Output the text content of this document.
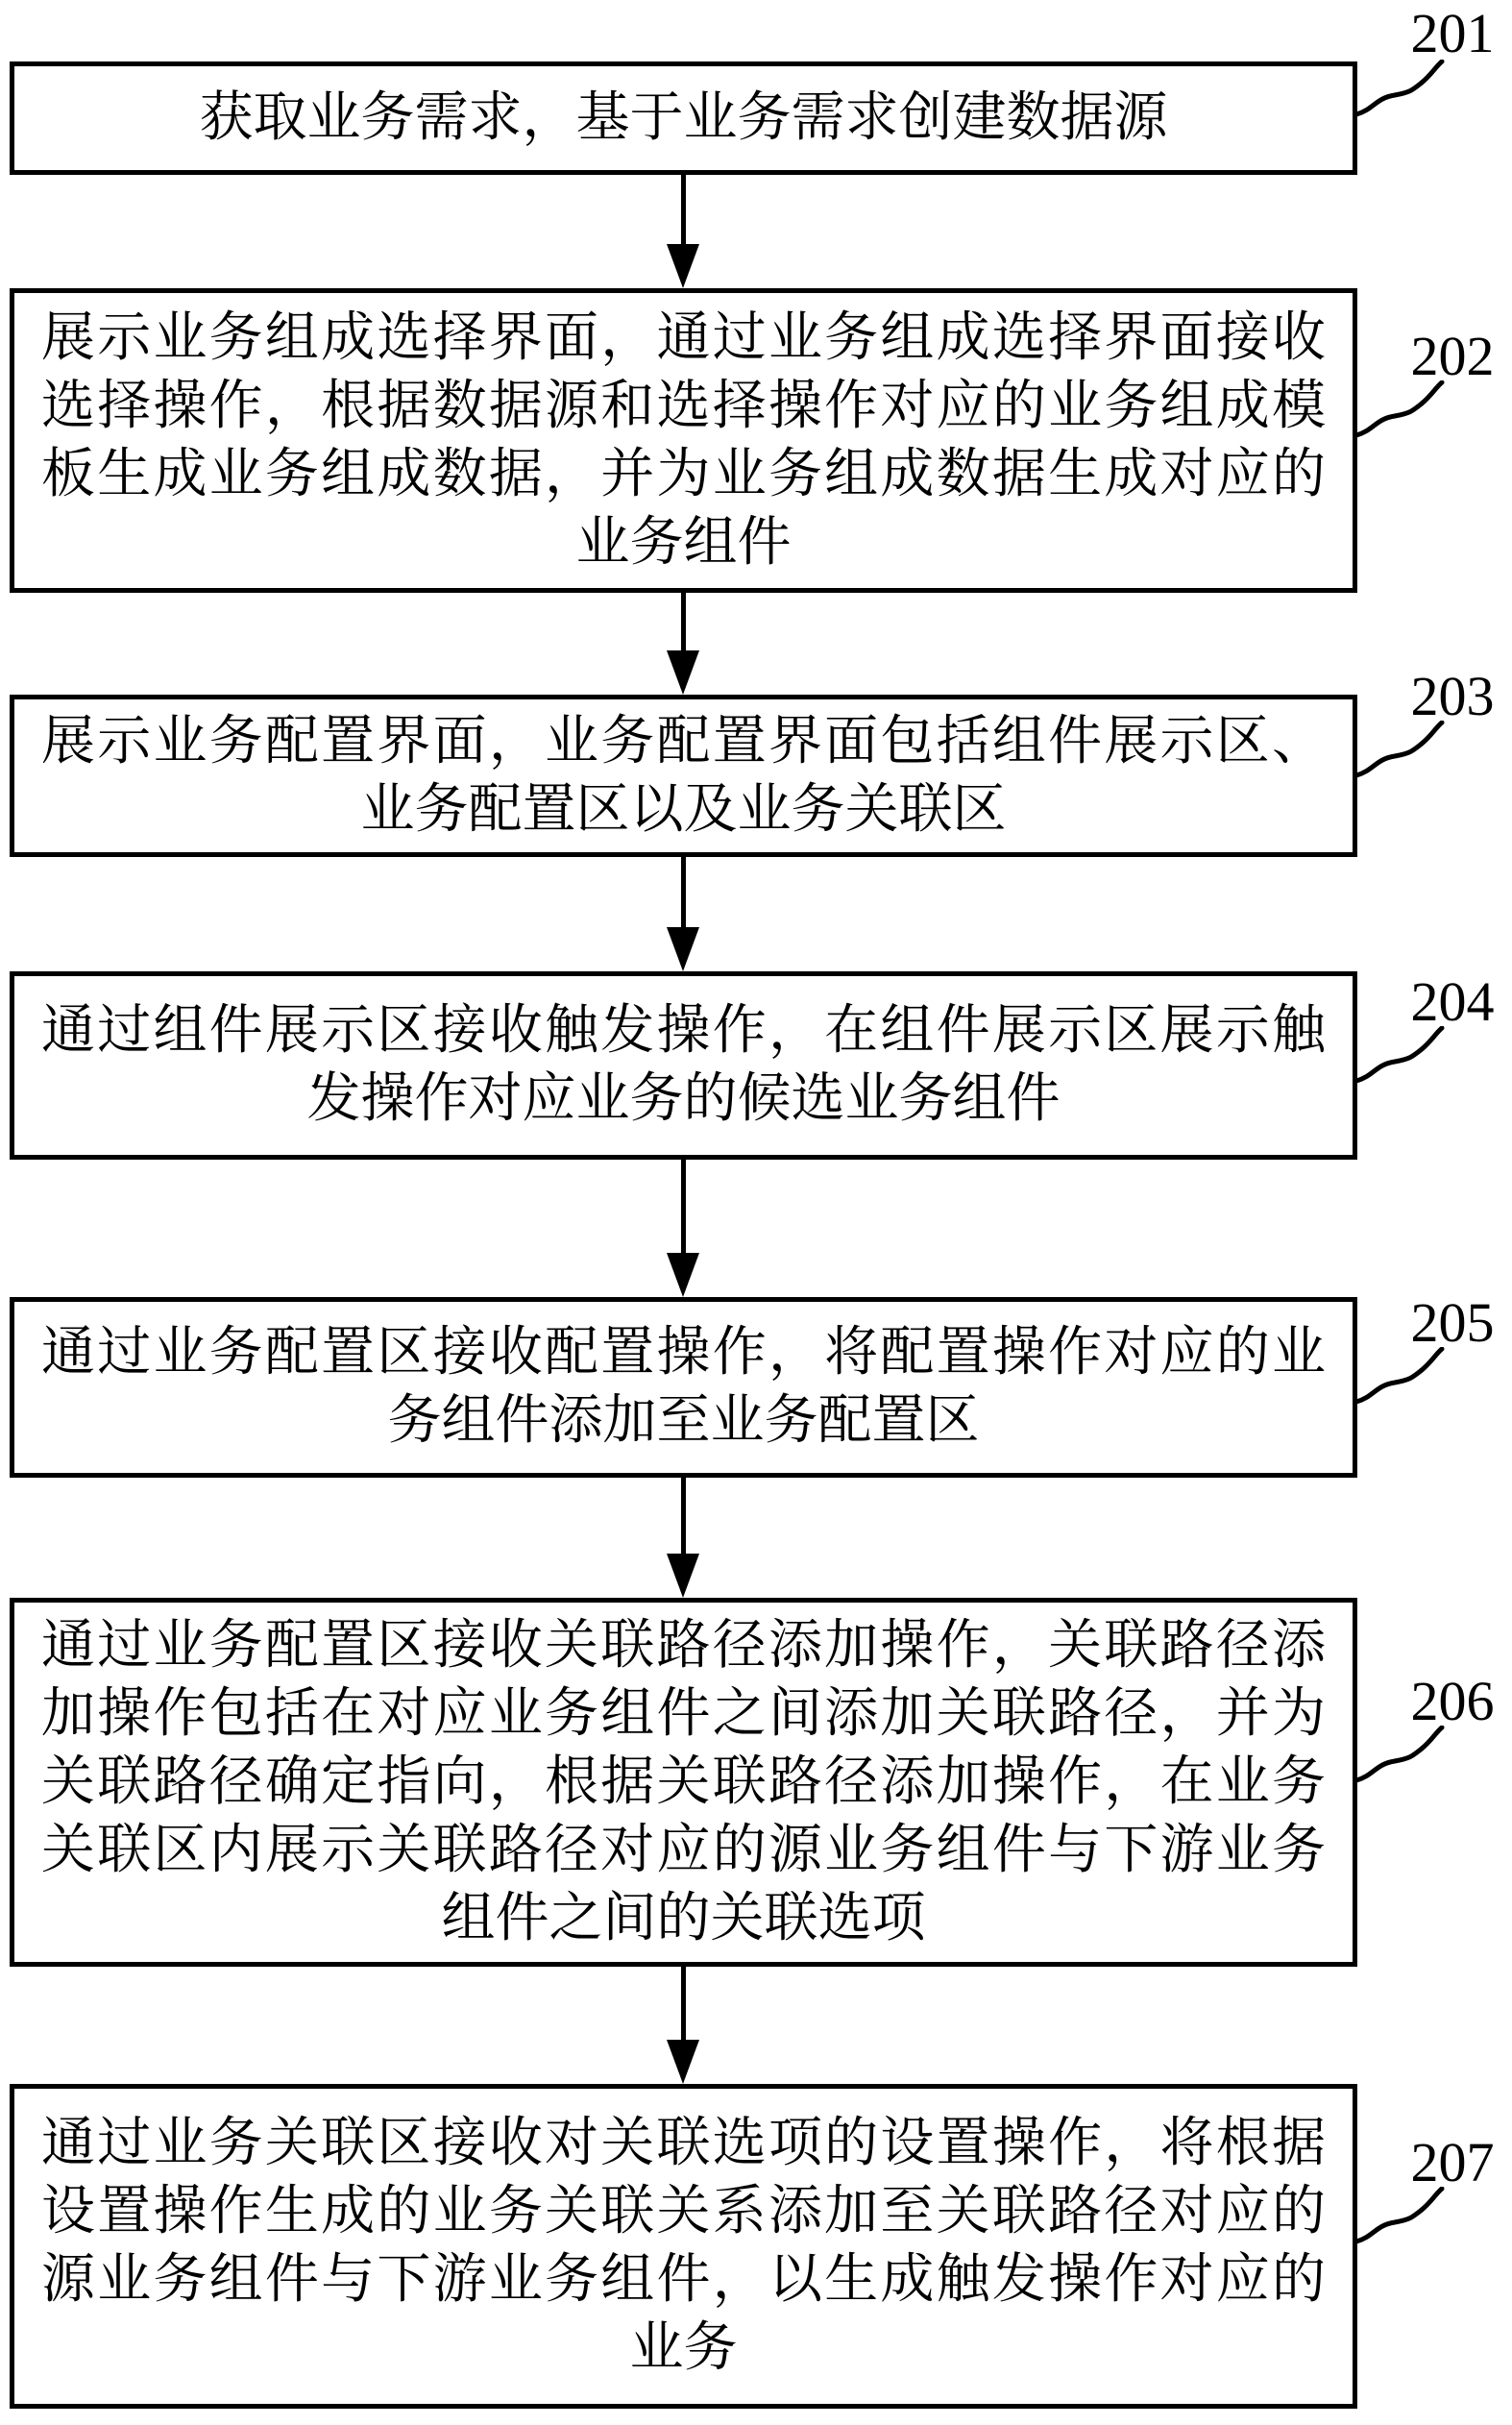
获取业务需求，基于业务需求创建数据源
201
展示业务组成选择界面，通过业务组成选择界面接收
选择操作，根据数据源和选择操作对应的业务组成模
板生成业务组成数据，并为业务组成数据生成对应的
业务组件
202
展示业务配置界面，业务配置界面包括组件展示区、
业务配置区以及业务关联区
203
通过组件展示区接收触发操作，在组件展示区展示触
发操作对应业务的候选业务组件
204
通过业务配置区接收配置操作，将配置操作对应的业
务组件添加至业务配置区
205
通过业务配置区接收关联路径添加操作，关联路径添
加操作包括在对应业务组件之间添加关联路径，并为
关联路径确定指向，根据关联路径添加操作，在业务
关联区内展示关联路径对应的源业务组件与下游业务
组件之间的关联选项
206
通过业务关联区接收对关联选项的设置操作，将根据
设置操作生成的业务关联关系添加至关联路径对应的
源业务组件与下游业务组件，以生成触发操作对应的
业务
207
